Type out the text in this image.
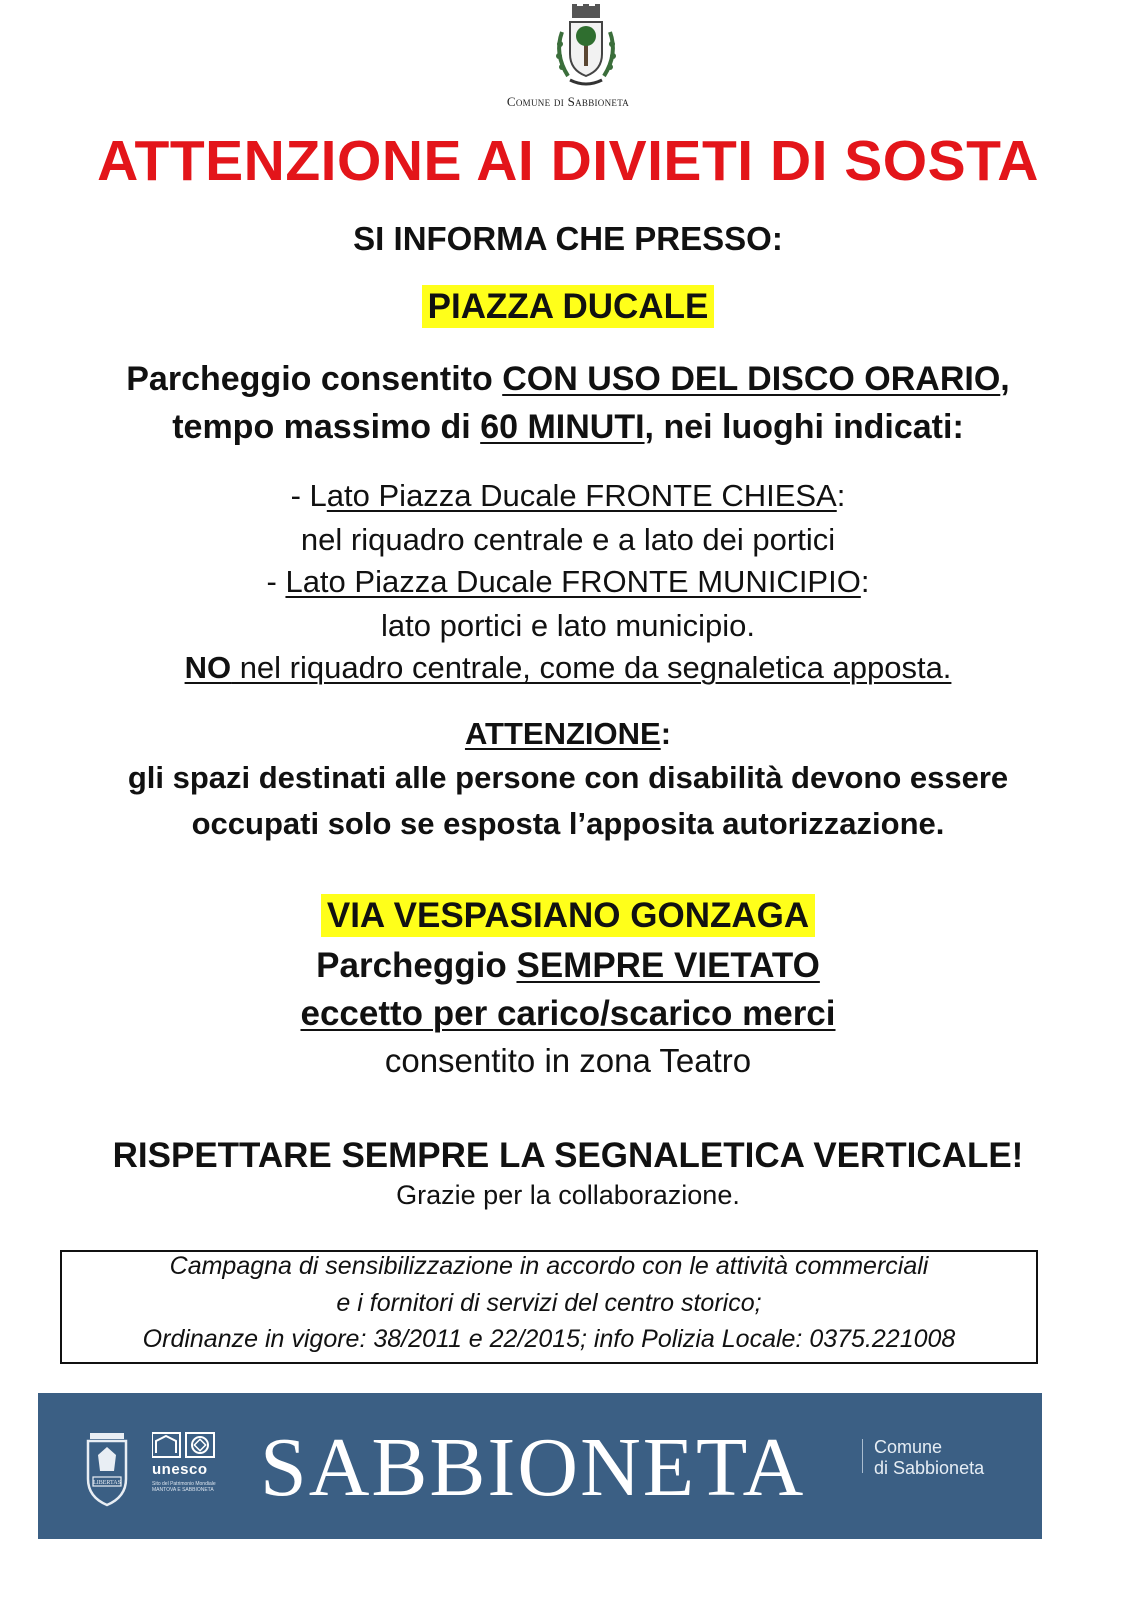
Comune di Sabbioneta
ATTENZIONE AI DIVIETI DI SOSTA
SI INFORMA CHE PRESSO:
PIAZZA DUCALE
Parcheggio consentito CON USO DEL DISCO ORARIO,
tempo massimo di 60 MINUTI, nei luoghi indicati:
- Lato Piazza Ducale FRONTE CHIESA:
nel riquadro centrale e a lato dei portici
- Lato Piazza Ducale FRONTE MUNICIPIO:
lato portici e lato municipio.
NO nel riquadro centrale, come da segnaletica apposta.
ATTENZIONE:
gli spazi destinati alle persone con disabilità devono essere
occupati solo se esposta l’apposita autorizzazione.
VIA VESPASIANO GONZAGA
Parcheggio SEMPRE VIETATO
eccetto per carico/scarico merci
consentito in zona Teatro
RISPETTARE SEMPRE LA SEGNALETICA VERTICALE!
Grazie per la collaborazione.
Campagna di sensibilizzazione in accordo con le attività commerciali
e i fornitori di servizi del centro storico;
Ordinanze in vigore: 38/2011 e 22/2015; info Polizia Locale: 0375.221008
LIBERTAS
unesco
Sito del Patrimonio Mondiale MANTOVA E SABBIONETA SABBIONETA	Comune
di Sabbioneta
